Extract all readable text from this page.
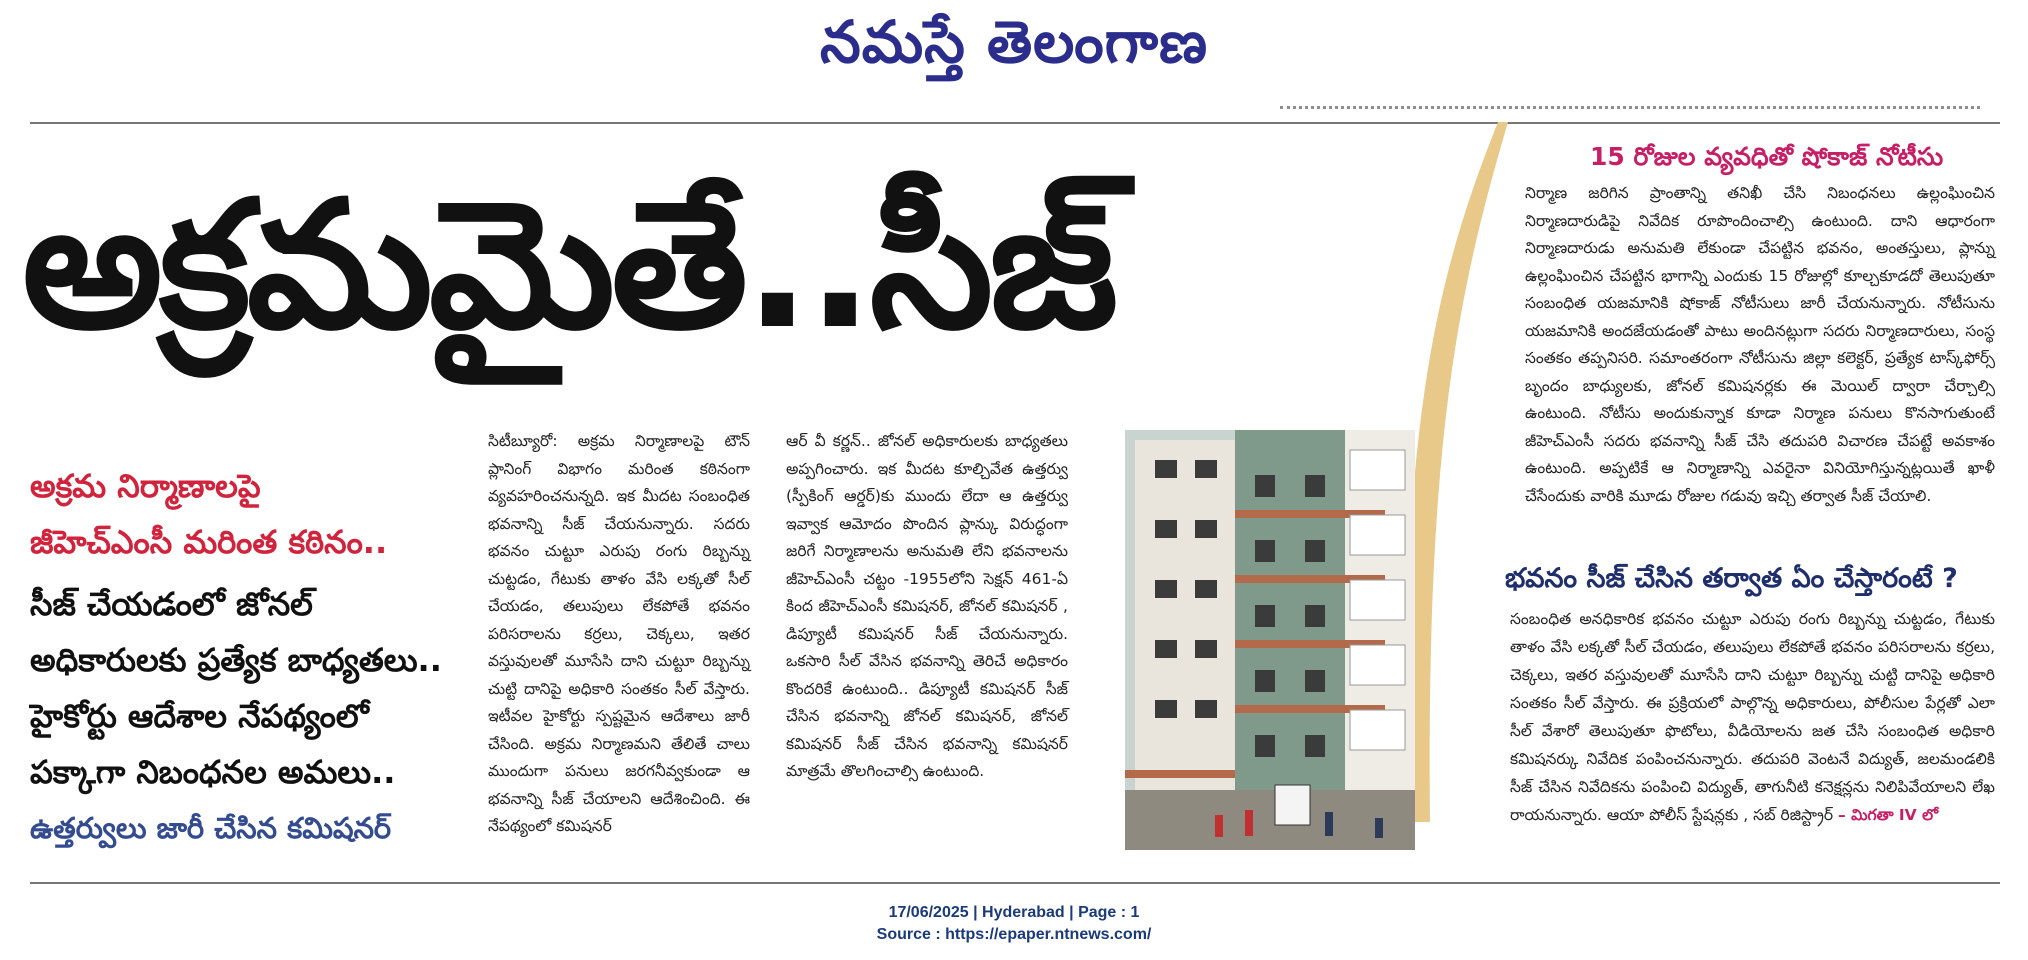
నమస్తే తెలంగాణ
అక్రమమైతే..సీజ్
అక్రమ నిర్మాణాలపై
జీహెచ్ఎంసీ మరింత కఠినం..
సీజ్ చేయడంలో జోనల్
అధికారులకు ప్రత్యేక బాధ్యతలు..
హైకోర్టు ఆదేశాల నేపథ్యంలో
పక్కాగా నిబంధనల అమలు..
ఉత్తర్వులు జారీ చేసిన కమిషనర్
సిటీబ్యూరో: అక్రమ నిర్మాణాలపై టౌన్ ప్లానింగ్ విభాగం మరింత కఠినంగా వ్యవహరించనున్నది. ఇక మీదట సంబంధిత భవనాన్ని సీజ్ చేయనున్నారు. సదరు భవనం చుట్టూ ఎరుపు రంగు రిబ్బన్ను చుట్టడం, గేటుకు తాళం వేసి లక్కతో సీల్ చేయడం, తలుపులు లేకపోతే భవనం పరిసరాలను కర్రలు, చెక్కలు, ఇతర వస్తువులతో మూసేసి దాని చుట్టూ రిబ్బన్ను చుట్టి దానిపై అధికారి సంతకం సీల్ వేస్తారు. ఇటీవల హైకోర్టు స్పష్టమైన ఆదేశాలు జారీ చేసింది. అక్రమ నిర్మాణమని తేలితే చాలు ముందుగా పనులు జరగనీవ్వకుండా ఆ భవనాన్ని సీజ్ చేయాలని ఆదేశించింది. ఈ నేపథ్యంలో కమిషనర్
ఆర్ వీ కర్ణన్.. జోనల్ అధికారులకు బాధ్యతలు అప్పగించారు. ఇక మీదట కూల్చివేత ఉత్తర్వు (స్పీకింగ్ ఆర్డర్)కు ముందు లేదా ఆ ఉత్తర్వు ఇవ్వాక ఆమోదం పొందిన ప్లాన్కు విరుద్ధంగా జరిగే నిర్మాణాలను అనుమతి లేని భవనాలను జీహెచ్ఎంసీ చట్టం -1955లోని సెక్షన్ 461-ఏ కింద జీహెచ్ఎంసీ కమిషనర్, జోనల్ కమిషనర్ , డిప్యూటీ కమిషనర్ సీజ్ చేయనున్నారు. ఒకసారి సీల్ వేసిన భవనాన్ని తెరిచే అధికారం కొందరికే ఉంటుంది.. డిప్యూటీ కమిషనర్ సీజ్ చేసిన భవనాన్ని జోనల్ కమిషనర్, జోనల్ కమిషనర్ సీజ్ చేసిన భవనాన్ని కమిషనర్ మాత్రమే తొలగించాల్సి ఉంటుంది.
15 రోజుల వ్యవధితో షోకాజ్ నోటీసు
నిర్మాణ జరిగిన ప్రాంతాన్ని తనిఖీ చేసి నిబంధనలు ఉల్లంఘించిన నిర్మాణదారుడిపై నివేదిక రూపొందించాల్సి ఉంటుంది. దాని ఆధారంగా నిర్మాణదారుడు అనుమతి లేకుండా చేపట్టిన భవనం, అంతస్తులు, ప్లాన్ను ఉల్లంఘించిన చేపట్టిన భాగాన్ని ఎందుకు 15 రోజుల్లో కూల్చకూడదో తెలుపుతూ సంబంధిత యజమానికి షోకాజ్ నోటీసులు జారీ చేయనున్నారు. నోటీసును యజమానికి అందజేయడంతో పాటు అందినట్లుగా సదరు నిర్మాణదారులు, సంస్థ సంతకం తప్పనిసరి. సమాంతరంగా నోటీసును జిల్లా కలెక్టర్, ప్రత్యేక టాస్క్‌ఫోర్స్ బృందం బాధ్యులకు, జోనల్ కమిషనర్లకు ఈ మెయిల్ ద్వారా చేర్చాల్సి ఉంటుంది. నోటీసు అందుకున్నాక కూడా నిర్మాణ పనులు కొనసాగుతుంటే జీహెచ్ఎంసీ సదరు భవనాన్ని సీజ్ చేసి తదుపరి విచారణ చేపట్టే అవకాశం ఉంటుంది. అప్పటికే ఆ నిర్మాణాన్ని ఎవరైనా వినియోగిస్తున్నట్లయితే ఖాళీ చేసేందుకు వారికి మూడు రోజుల గడువు ఇచ్చి తర్వాత సీజ్ చేయాలి.
భవనం సీజ్ చేసిన తర్వాత ఏం చేస్తారంటే ?
సంబంధిత అనధికారిక భవనం చుట్టూ ఎరుపు రంగు రిబ్బన్ను చుట్టడం, గేటుకు తాళం వేసి లక్కతో సీల్ చేయడం, తలుపులు లేకపోతే భవనం పరిసరాలను కర్రలు, చెక్కలు, ఇతర వస్తువులతో మూసేసి దాని చుట్టూ రిబ్బన్ను చుట్టి దానిపై అధికారి సంతకం సీల్ వేస్తారు. ఈ ప్రక్రియలో పాల్గొన్న అధికారులు, పోలీసుల పేర్లతో ఎలా సీల్ వేశారో తెలుపుతూ ఫొటోలు, వీడియోలను జత చేసి సంబంధిత అధికారి కమిషనర్కు నివేదిక పంపించనున్నారు. తదుపరి వెంటనే విద్యుత్, జలమండలికి సీజ్ చేసిన నివేదికను పంపించి విద్యుత్, తాగునీటి కనెక్షన్లను నిలిపివేయాలని లేఖ రాయనున్నారు. ఆయా పోలీస్ స్టేషన్లకు , సబ్ రిజిస్ట్రార్ – మిగతా IV లో
17/06/2025 | Hyderabad | Page : 1
Source : https://epaper.ntnews.com/
